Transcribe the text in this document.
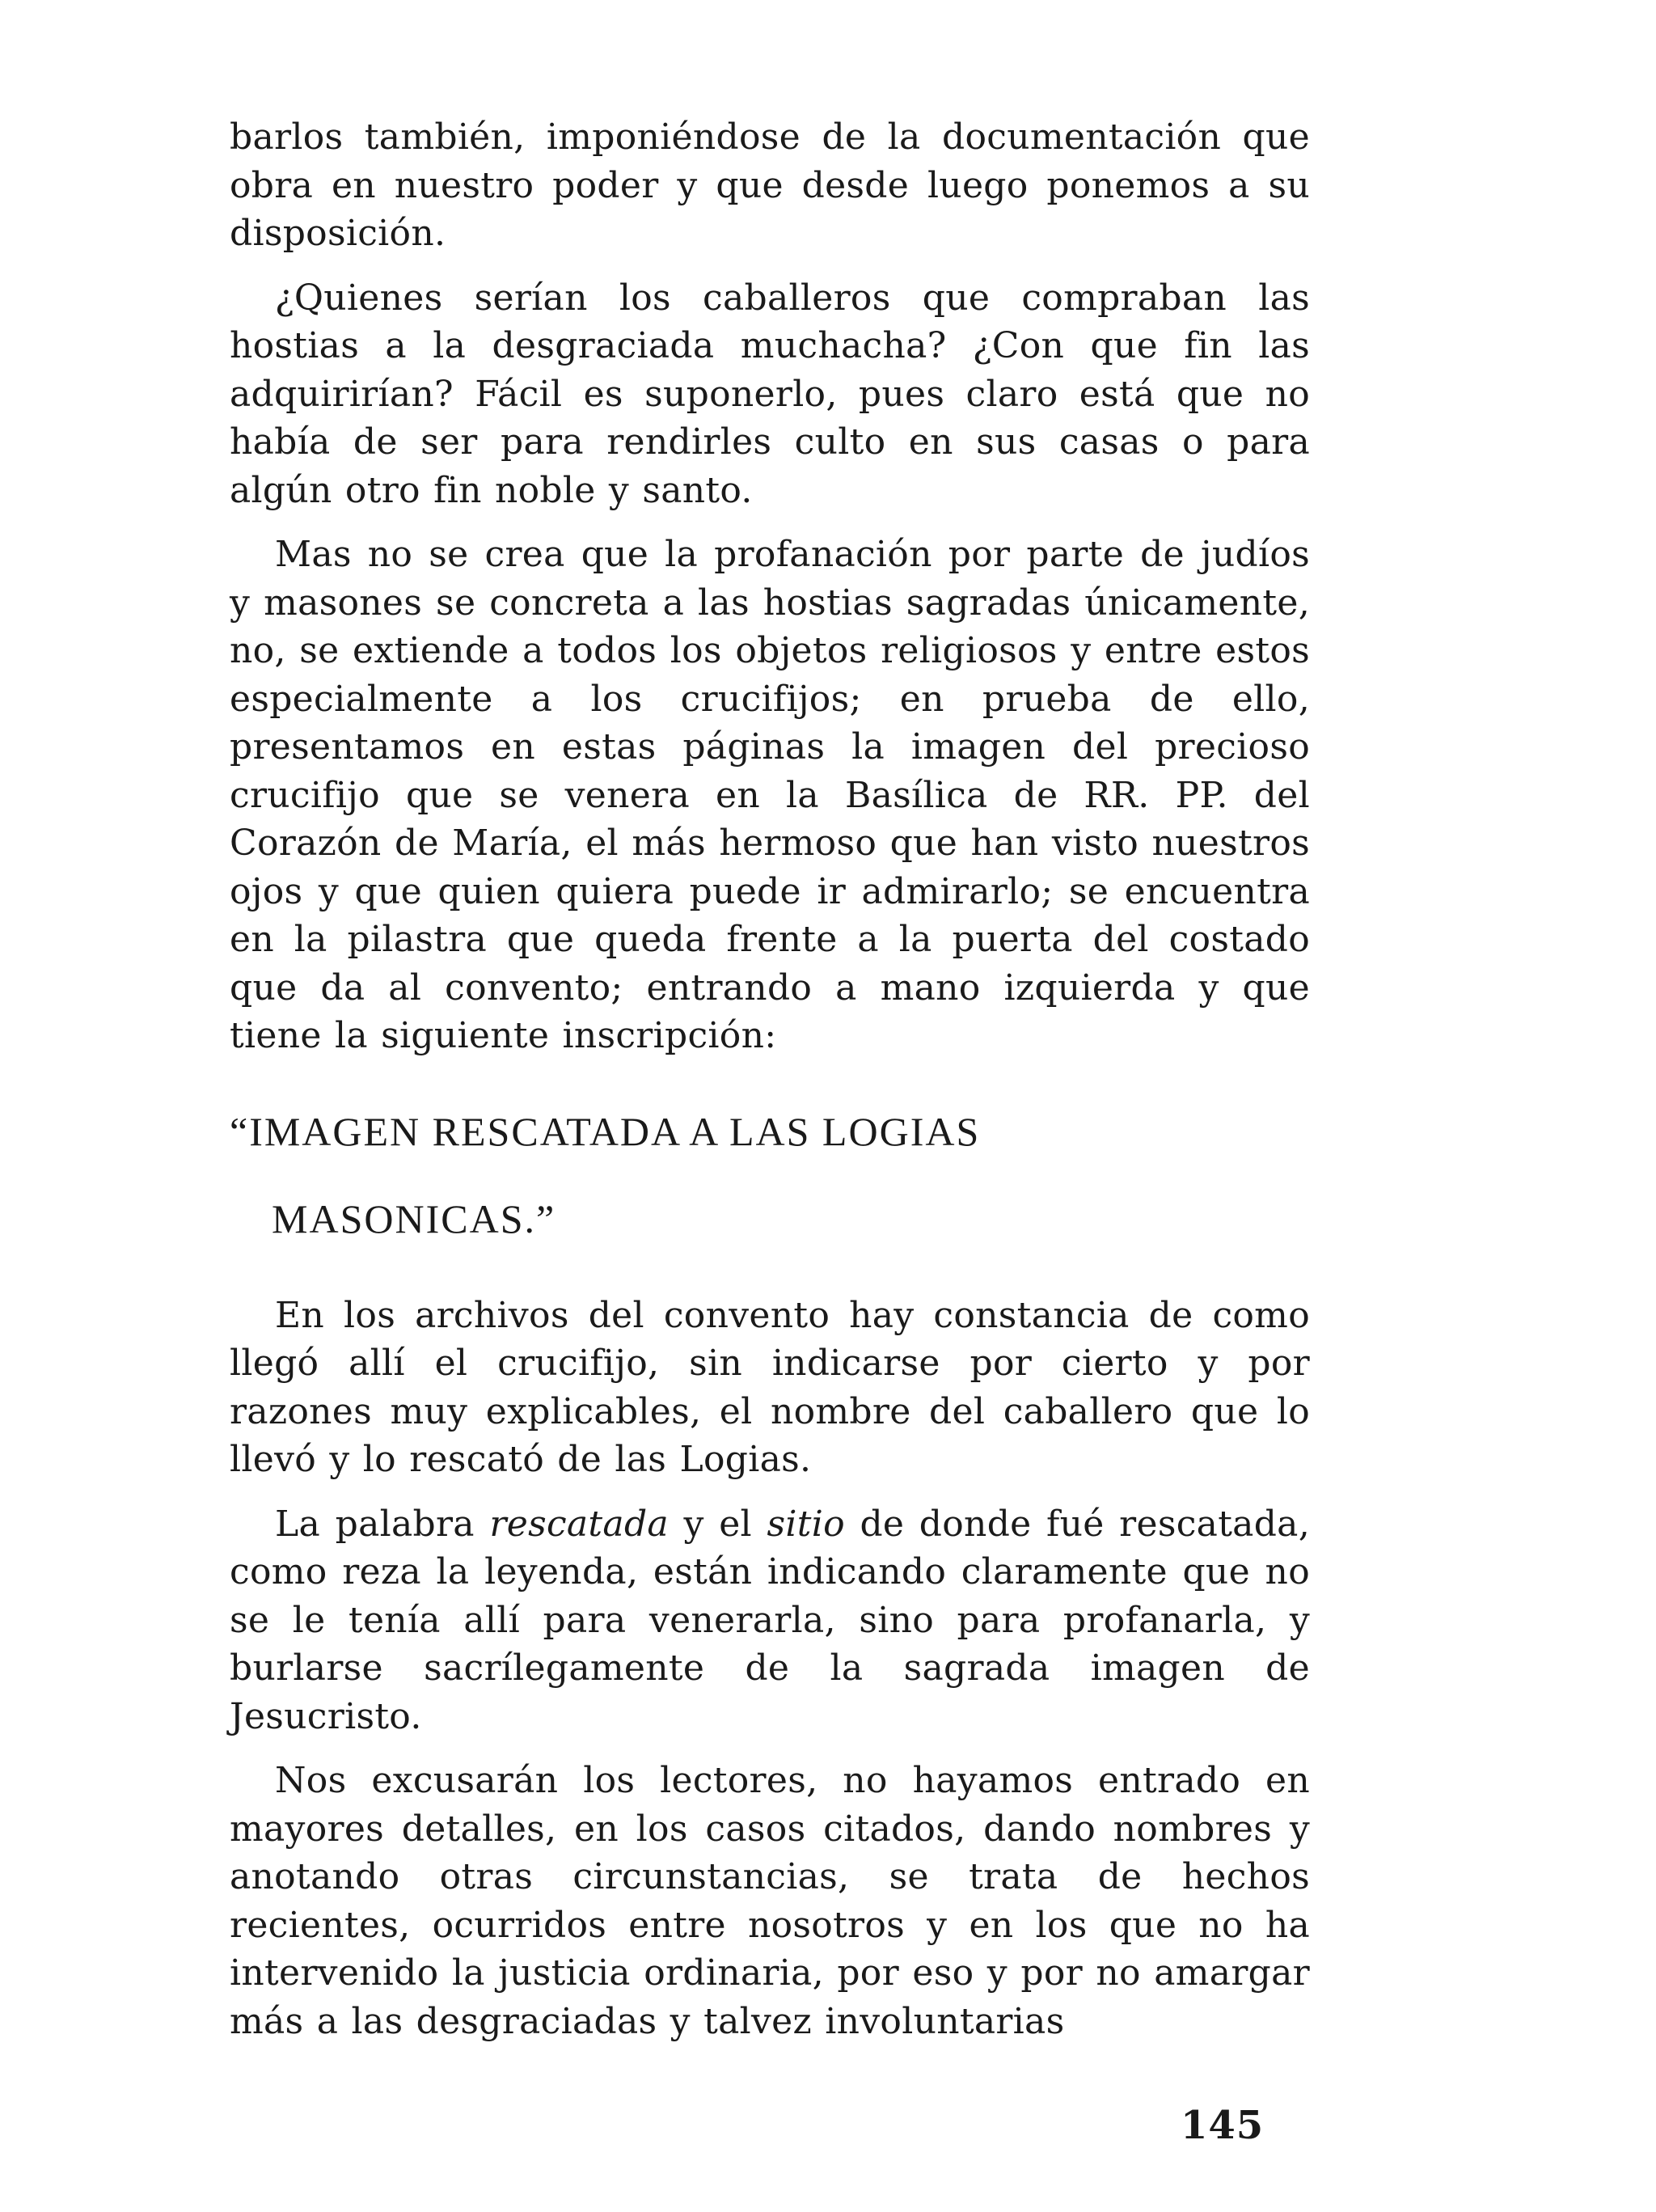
barlos también, imponiéndose de la documentación que obra en nuestro poder y que desde luego ponemos a su disposición.

¿Quienes serían los caballeros que compraban las hostias a la desgraciada muchacha? ¿Con que fin las adquirirían? Fácil es suponerlo, pues claro está que no había de ser para rendirles culto en sus casas o para algún otro fin noble y santo.

Mas no se crea que la profanación por parte de judíos y masones se concreta a las hostias sagradas únicamente, no, se extiende a todos los objetos religiosos y entre estos especialmente a los crucifijos; en prueba de ello, presentamos en estas páginas la imagen del precioso crucifijo que se venera en la Basílica de RR. PP. del Corazón de María, el más hermoso que han visto nuestros ojos y que quien quiera puede ir admirarlo; se encuentra en la pilastra que queda frente a la puerta del costado que da al convento; entrando a mano izquierda y que tiene la siguiente inscripción:

“IMAGEN RESCATADA A LAS LOGIAS

MASONICAS.”

En los archivos del convento hay constancia de como llegó allí el crucifijo, sin indicarse por cierto y por razones muy explicables, el nombre del caballero que lo llevó y lo rescató de las Logias.

La palabra rescatada y el sitio de donde fué rescatada, como reza la leyenda, están indicando claramente que no se le tenía allí para venerarla, sino para profanarla, y burlarse sacrílegamente de la sagrada imagen de Jesucristo.

Nos excusarán los lectores, no hayamos entrado en mayores detalles, en los casos citados, dando nombres y anotando otras circunstancias, se trata de hechos recientes, ocurridos entre nosotros y en los que no ha intervenido la justicia ordinaria, por eso y por no amargar más a las desgraciadas y talvez involuntarias

145
